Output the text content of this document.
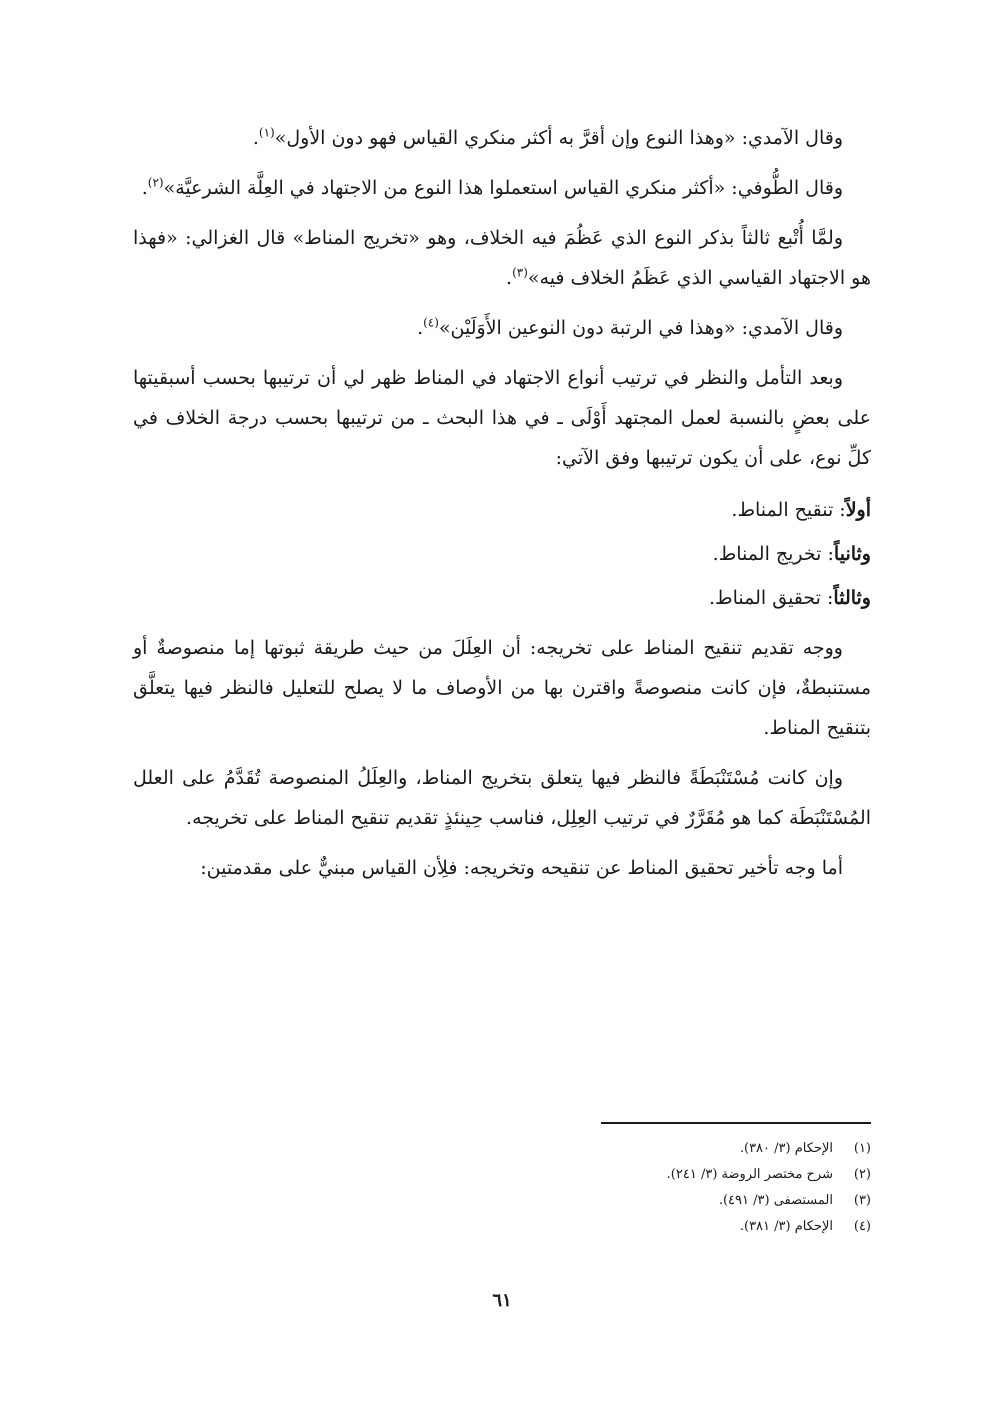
وقال الآمدي: «وهذا النوع وإن أقرَّ به أكثر منكري القياس فهو دون الأول»$^{(١)}$.

وقال الطُّوفي: «أكثر منكري القياس استعملوا هذا النوع من الاجتهاد في العِلَّة الشرعيَّة»$^{(٢)}$.

ولمَّا أُتْبع ثالثاً بذكر النوع الذي عَظُمَ فيه الخلاف، وهو «تخريج المناط» قال الغزالي: «فهذا هو الاجتهاد القياسي الذي عَظَمُ الخلاف فيه»$^{(٣)}$.

وقال الآمدي: «وهذا في الرتبة دون النوعين الأَوَلَيْن»$^{(٤)}$.

وبعد التأمل والنظر في ترتيب أنواع الاجتهاد في المناط ظهر لي أن ترتيبها بحسب أسبقيتها على بعضٍ بالنسبة لعمل المجتهد أَوْلَى ـ في هذا البحث ـ من ترتيبها بحسب درجة الخلاف في كلِّ نوع، على أن يكون ترتيبها وفق الآتي:

أولاً: تنقيح المناط.
وثانياً: تخريج المناط.
وثالثاً: تحقيق المناط.

ووجه تقديم تنقيح المناط على تخريجه: أن العِلَلَ من حيث طريقة ثبوتها إما منصوصةٌ أو مستنبطةٌ، فإن كانت منصوصةً واقترن بها من الأوصاف ما لا يصلح للتعليل فالنظر فيها يتعلَّق بتنقيح المناط.

وإن كانت مُسْتَنْبَطَةً فالنظر فيها يتعلق بتخريج المناط، والعِلَلُ المنصوصة تُقَدَّمُ على العلل المُسْتَنْبَطَة كما هو مُقَرَّرٌ في ترتيب العِلِل، فناسب حِينئذٍ تقديم تنقيح المناط على تخريجه.

أما وجه تأخير تحقيق المناط عن تنقيحه وتخريجه: فلِأن القياس مبنيٌّ على مقدمتين:

(١)الإحكام (٣/ ٣٨٠).
(٢)شرح مختصر الروضة (٣/ ٢٤١).
(٣)المستصفى (٣/ ٤٩١).
(٤)الإحكام (٣/ ٣٨١).
٦١
